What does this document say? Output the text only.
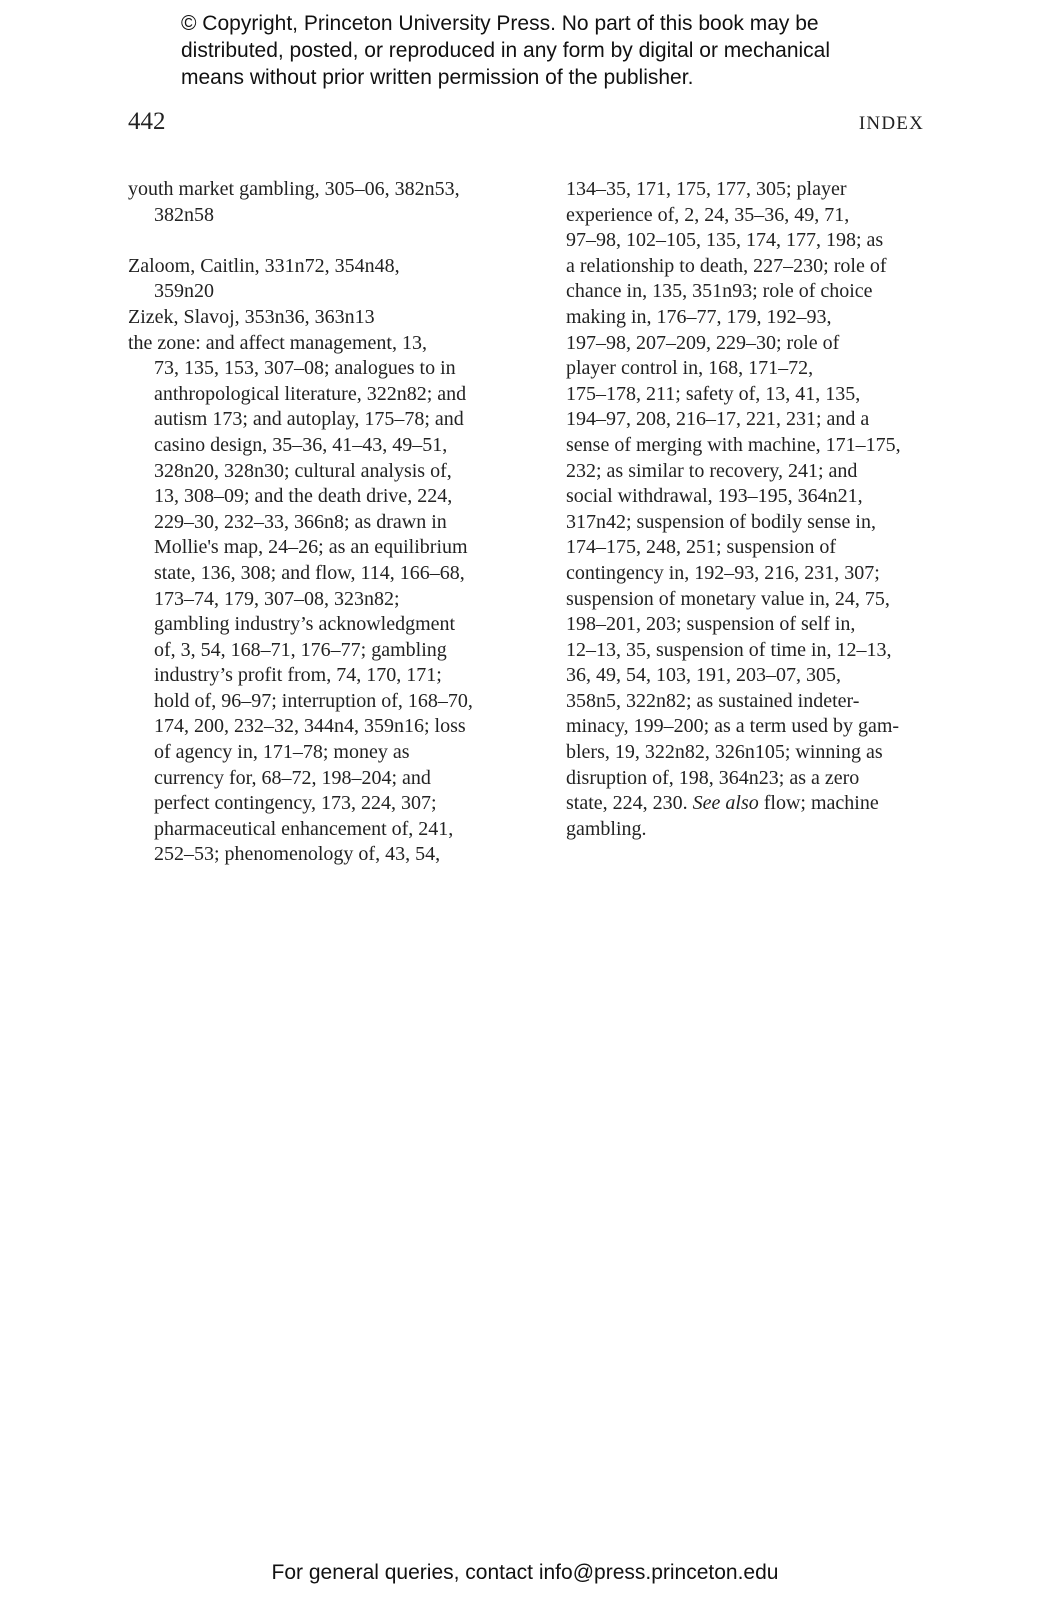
© Copyright, Princeton University Press. No part of this book may be
distributed, posted, or reproduced in any form by digital or mechanical
means without prior written permission of the publisher.
442	INDEX
youth market gambling, 305–06, 382n53,
382n58
Zaloom, Caitlin, 331n72, 354n48,
359n20
Zizek, Slavoj, 353n36, 363n13
the zone: and affect management, 13,
73, 135, 153, 307–08; analogues to in
anthropological literature, 322n82; and
autism 173; and autoplay, 175–78; and
casino design, 35–36, 41–43, 49–51,
328n20, 328n30; cultural analysis of,
13, 308–09; and the death drive, 224,
229–30, 232–33, 366n8; as drawn in
Mollie's map, 24–26; as an equilibrium
state, 136, 308; and flow, 114, 166–68,
173–74, 179, 307–08, 323n82;
gambling industry’s acknowledgment
of, 3, 54, 168–71, 176–77; gambling
industry’s profit from, 74, 170, 171;
hold of, 96–97; interruption of, 168–70,
174, 200, 232–32, 344n4, 359n16; loss
of agency in, 171–78; money as
currency for, 68–72, 198–204; and
perfect contingency, 173, 224, 307;
pharmaceutical enhancement of, 241,
252–53; phenomenology of, 43, 54,
134–35, 171, 175, 177, 305; player
experience of, 2, 24, 35–36, 49, 71,
97–98, 102–105, 135, 174, 177, 198; as
a relationship to death, 227–230; role of
chance in, 135, 351n93; role of choice
making in, 176–77, 179, 192–93,
197–98, 207–209, 229–30; role of
player control in, 168, 171–72,
175–178, 211; safety of, 13, 41, 135,
194–97, 208, 216–17, 221, 231; and a
sense of merging with machine, 171–175,
232; as similar to recovery, 241; and
social withdrawal, 193–195, 364n21,
317n42; suspension of bodily sense in,
174–175, 248, 251; suspension of
contingency in, 192–93, 216, 231, 307;
suspension of monetary value in, 24, 75,
198–201, 203; suspension of self in,
12–13, 35, suspension of time in, 12–13,
36, 49, 54, 103, 191, 203–07, 305,
358n5, 322n82; as sustained indeter-
minacy, 199–200; as a term used by gam-
blers, 19, 322n82, 326n105; winning as
disruption of, 198, 364n23; as a zero
state, 224, 230. See also flow; machine
gambling.
For general queries, contact info@press.princeton.edu
